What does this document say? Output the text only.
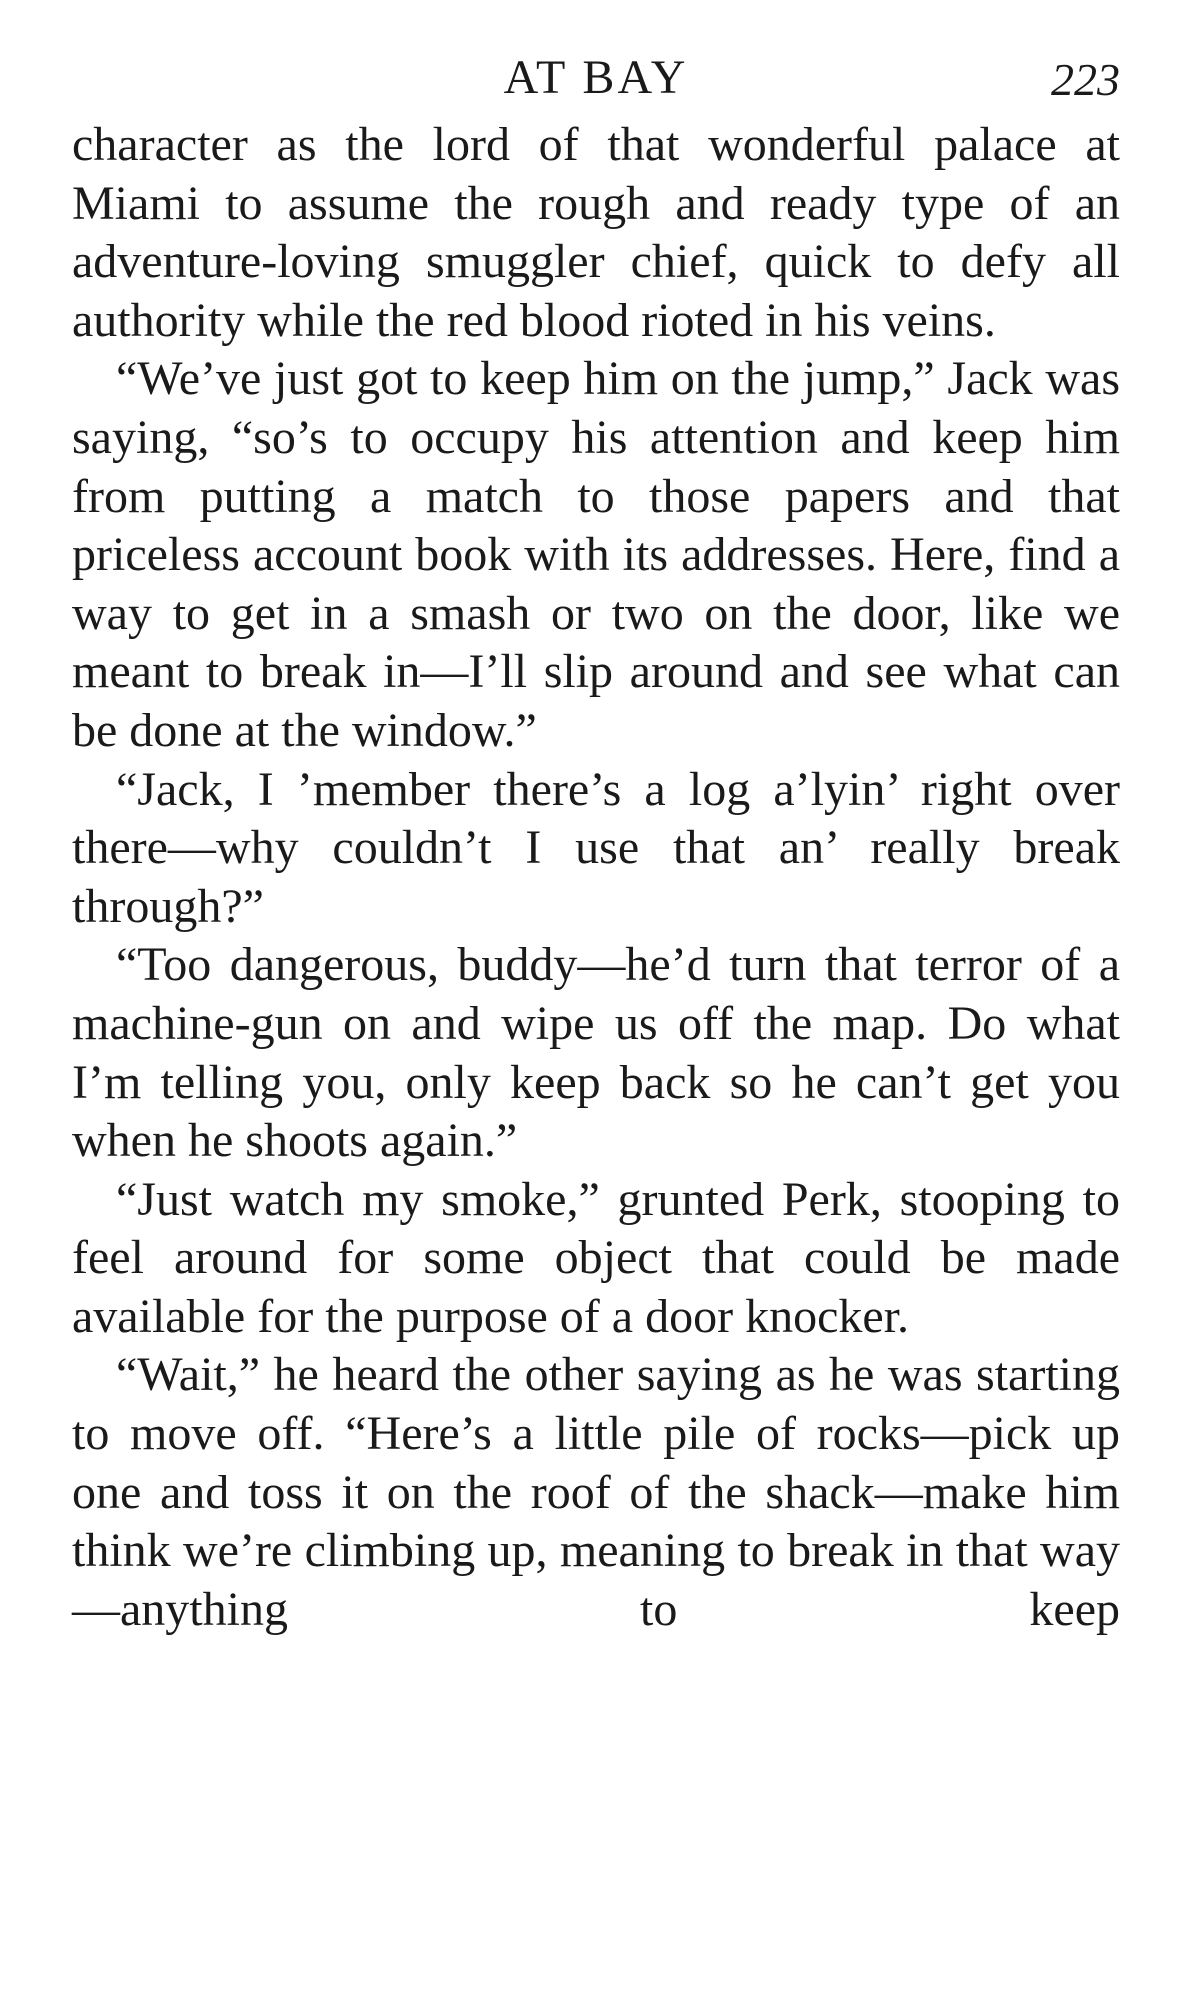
AT BAY	223

character as the lord of that wonderful palace at Miami to assume the rough and ready type of an adventure-loving smuggler chief, quick to defy all authority while the red blood rioted in his veins.

“We’ve just got to keep him on the jump,” Jack was saying, “so’s to occupy his attention and keep him from putting a match to those papers and that priceless account book with its addresses. Here, find a way to get in a smash or two on the door, like we meant to break in—I’ll slip around and see what can be done at the window.”

“Jack, I ’member there’s a log a’lyin’ right over there—why couldn’t I use that an’ really break through?”

“Too dangerous, buddy—he’d turn that terror of a machine-gun on and wipe us off the map. Do what I’m telling you, only keep back so he can’t get you when he shoots again.”

“Just watch my smoke,” grunted Perk, stooping to feel around for some object that could be made available for the purpose of a door knocker.

“Wait,” he heard the other saying as he was starting to move off. “Here’s a little pile of rocks—pick up one and toss it on the roof of the shack—make him think we’re climbing up, meaning to break in that way—anything to keep
